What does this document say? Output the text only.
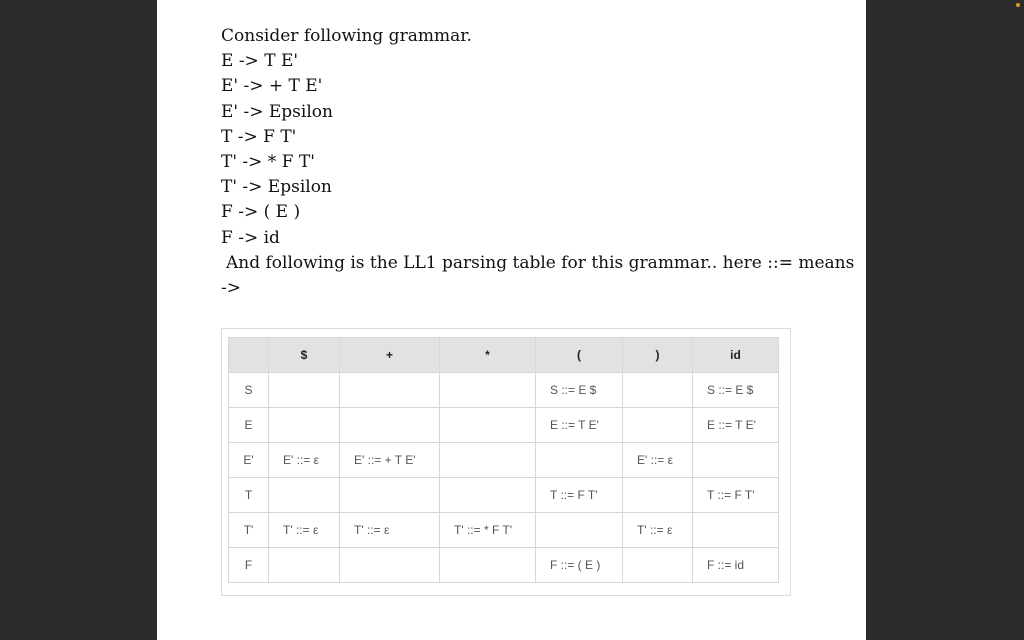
Consider following grammar.
E -> T E'
E' -> + T E'
E' -> Epsilon
T -> F T'
T' -> * F T'
T' -> Epsilon
F -> ( E )
F -> id
And following is the LL1 parsing table for this grammar.. here ::= means
->
	$	+	*	(	)	id
S				S ::= E $		S ::= E $
E				E ::= T E'		E ::= T E'
E'	E' ::= ε	E' ::= + T E'			E' ::= ε	
T				T ::= F T'		T ::= F T'
T'	T' ::= ε	T' ::= ε	T' ::= * F T'		T' ::= ε	
F				F ::= ( E )		F ::= id
